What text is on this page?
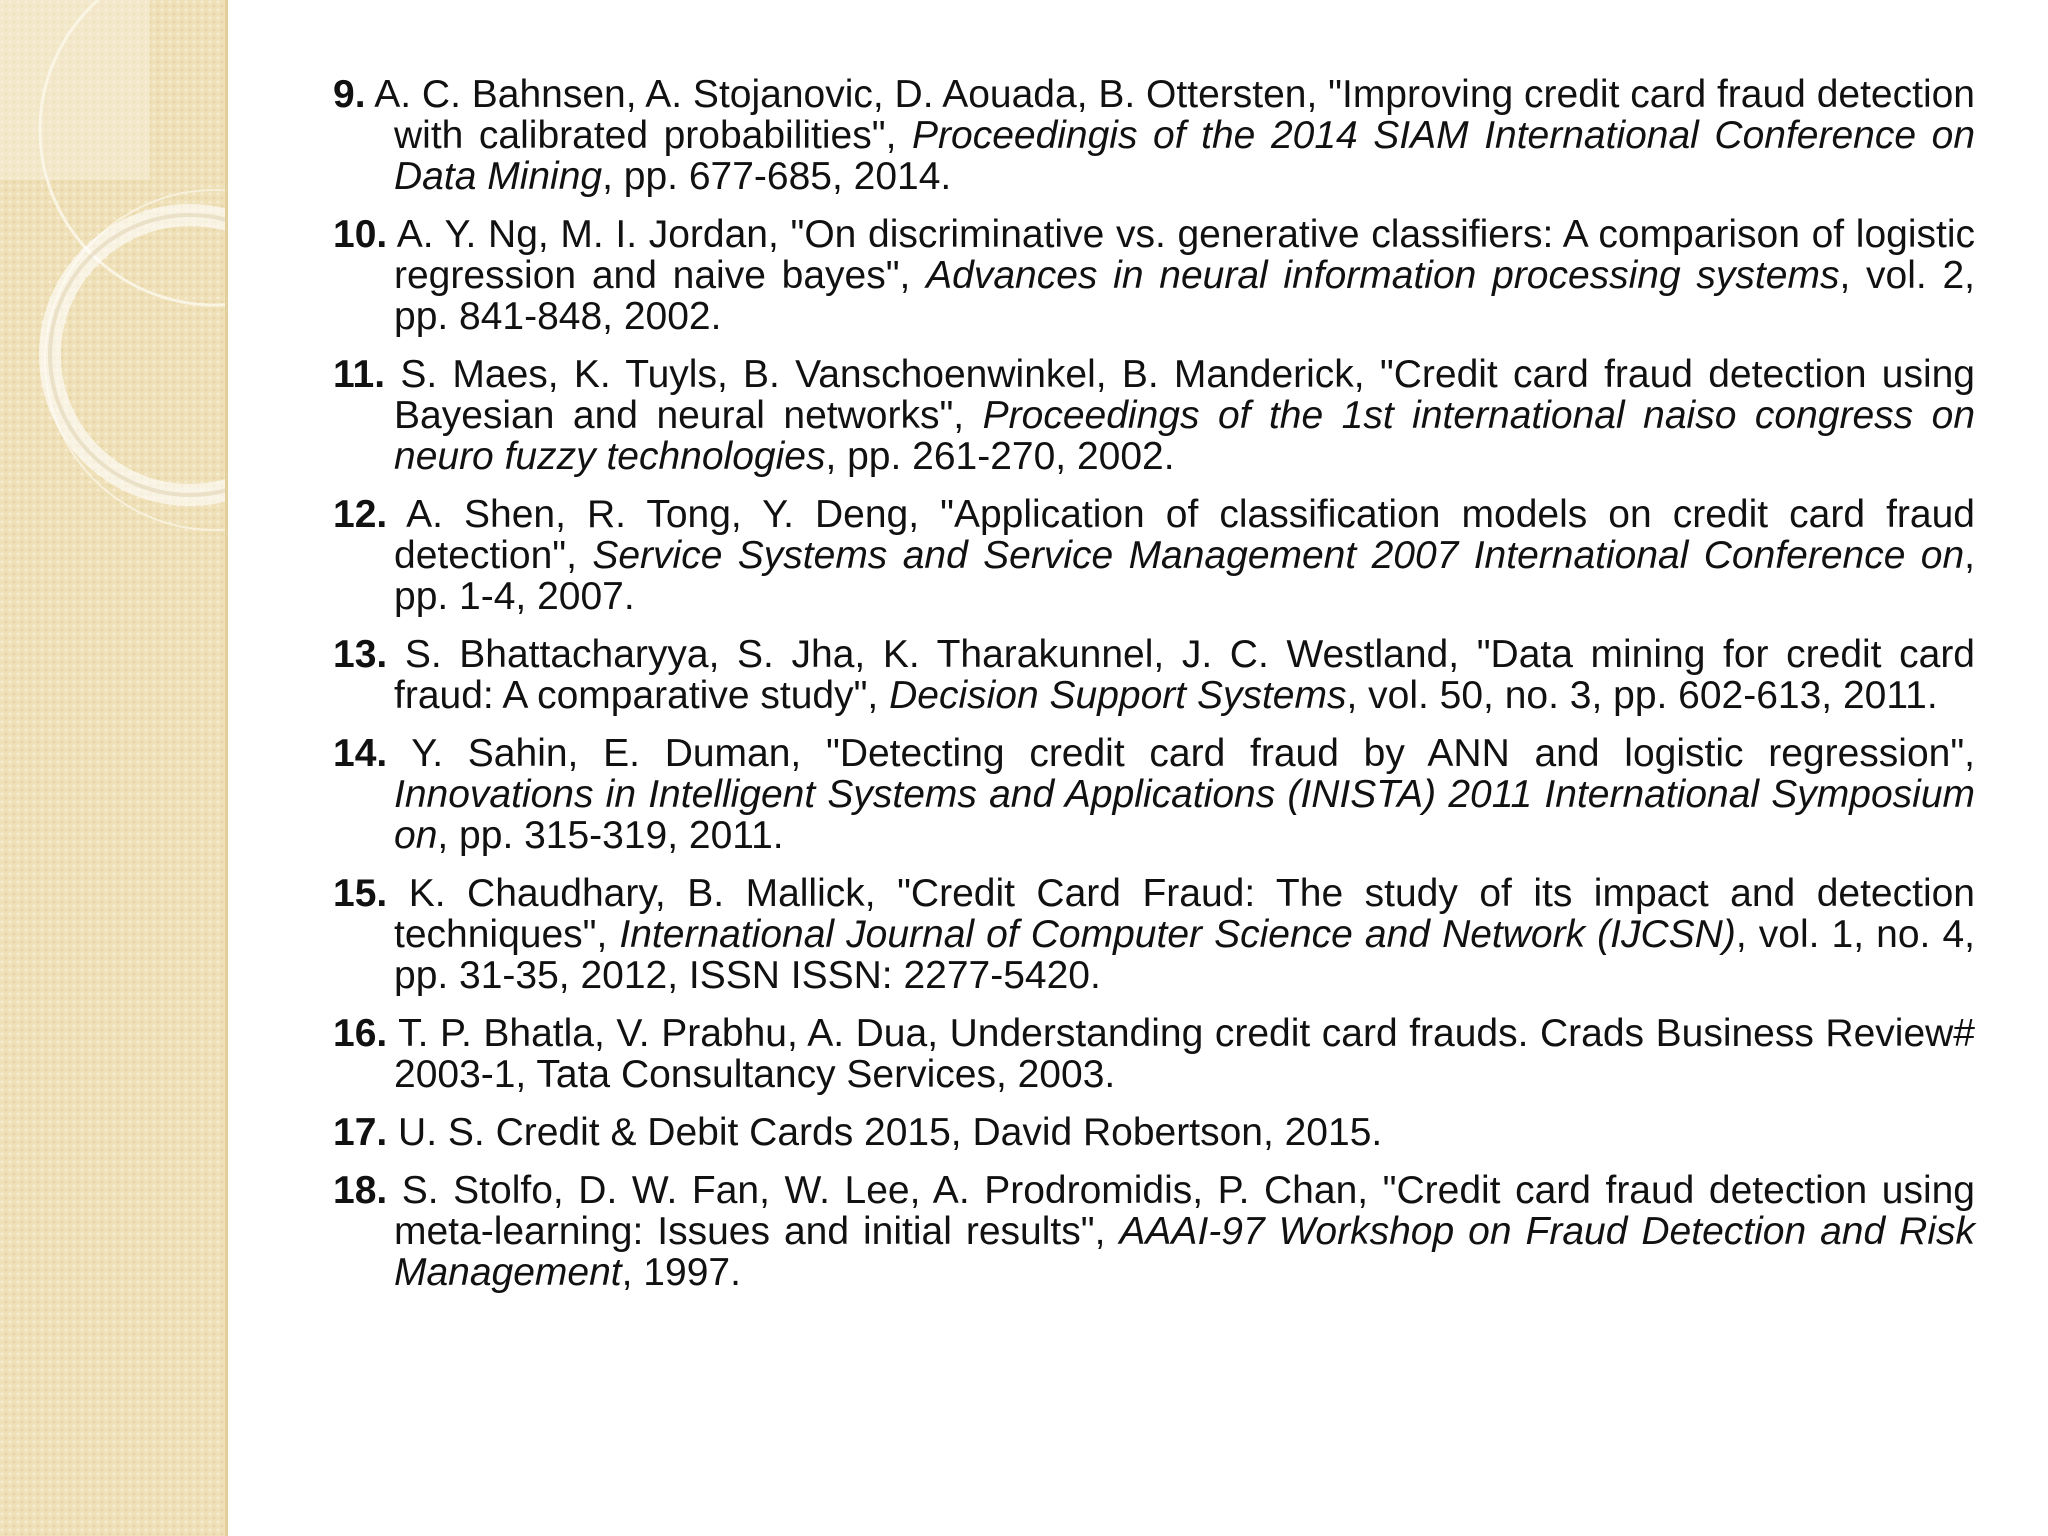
9. A. C. Bahnsen, A. Stojanovic, D. Aouada, B. Ottersten, "Improving credit card fraud detection with calibrated probabilities", Proceedingis of the 2014 SIAM International Conference on Data Mining, pp. 677-685, 2014.

10. A. Y. Ng, M. I. Jordan, "On discriminative vs. generative classifiers: A comparison of logistic regression and naive bayes", Advances in neural information processing systems, vol. 2, pp. 841-848, 2002.

11. S. Maes, K. Tuyls, B. Vanschoenwinkel, B. Manderick, "Credit card fraud detection using Bayesian and neural networks", Proceedings of the 1st international naiso congress on neuro fuzzy technologies, pp. 261-270, 2002.

12. A. Shen, R. Tong, Y. Deng, "Application of classification models on credit card fraud detection", Service Systems and Service Management 2007 International Conference on, pp. 1-4, 2007.

13. S. Bhattacharyya, S. Jha, K. Tharakunnel, J. C. Westland, "Data mining for credit card fraud: A comparative study", Decision Support Systems, vol. 50, no. 3, pp. 602-613, 2011.

14. Y. Sahin, E. Duman, "Detecting credit card fraud by ANN and logistic regression", Innovations in Intelligent Systems and Applications (INISTA) 2011 International Symposium on, pp. 315-319, 2011.

15. K. Chaudhary, B. Mallick, "Credit Card Fraud: The study of its impact and detection techniques", International Journal of Computer Science and Network (IJCSN), vol. 1, no. 4, pp. 31-35, 2012, ISSN ISSN: 2277-5420.

16. T. P. Bhatla, V. Prabhu, A. Dua, Understanding credit card frauds. Crads Business Review# 2003-1, Tata Consultancy Services, 2003.

17. U. S. Credit & Debit Cards 2015, David Robertson, 2015.

18. S. Stolfo, D. W. Fan, W. Lee, A. Prodromidis, P. Chan, "Credit card fraud detection using meta-learning: Issues and initial results", AAAI-97 Workshop on Fraud Detection and Risk Management, 1997.
